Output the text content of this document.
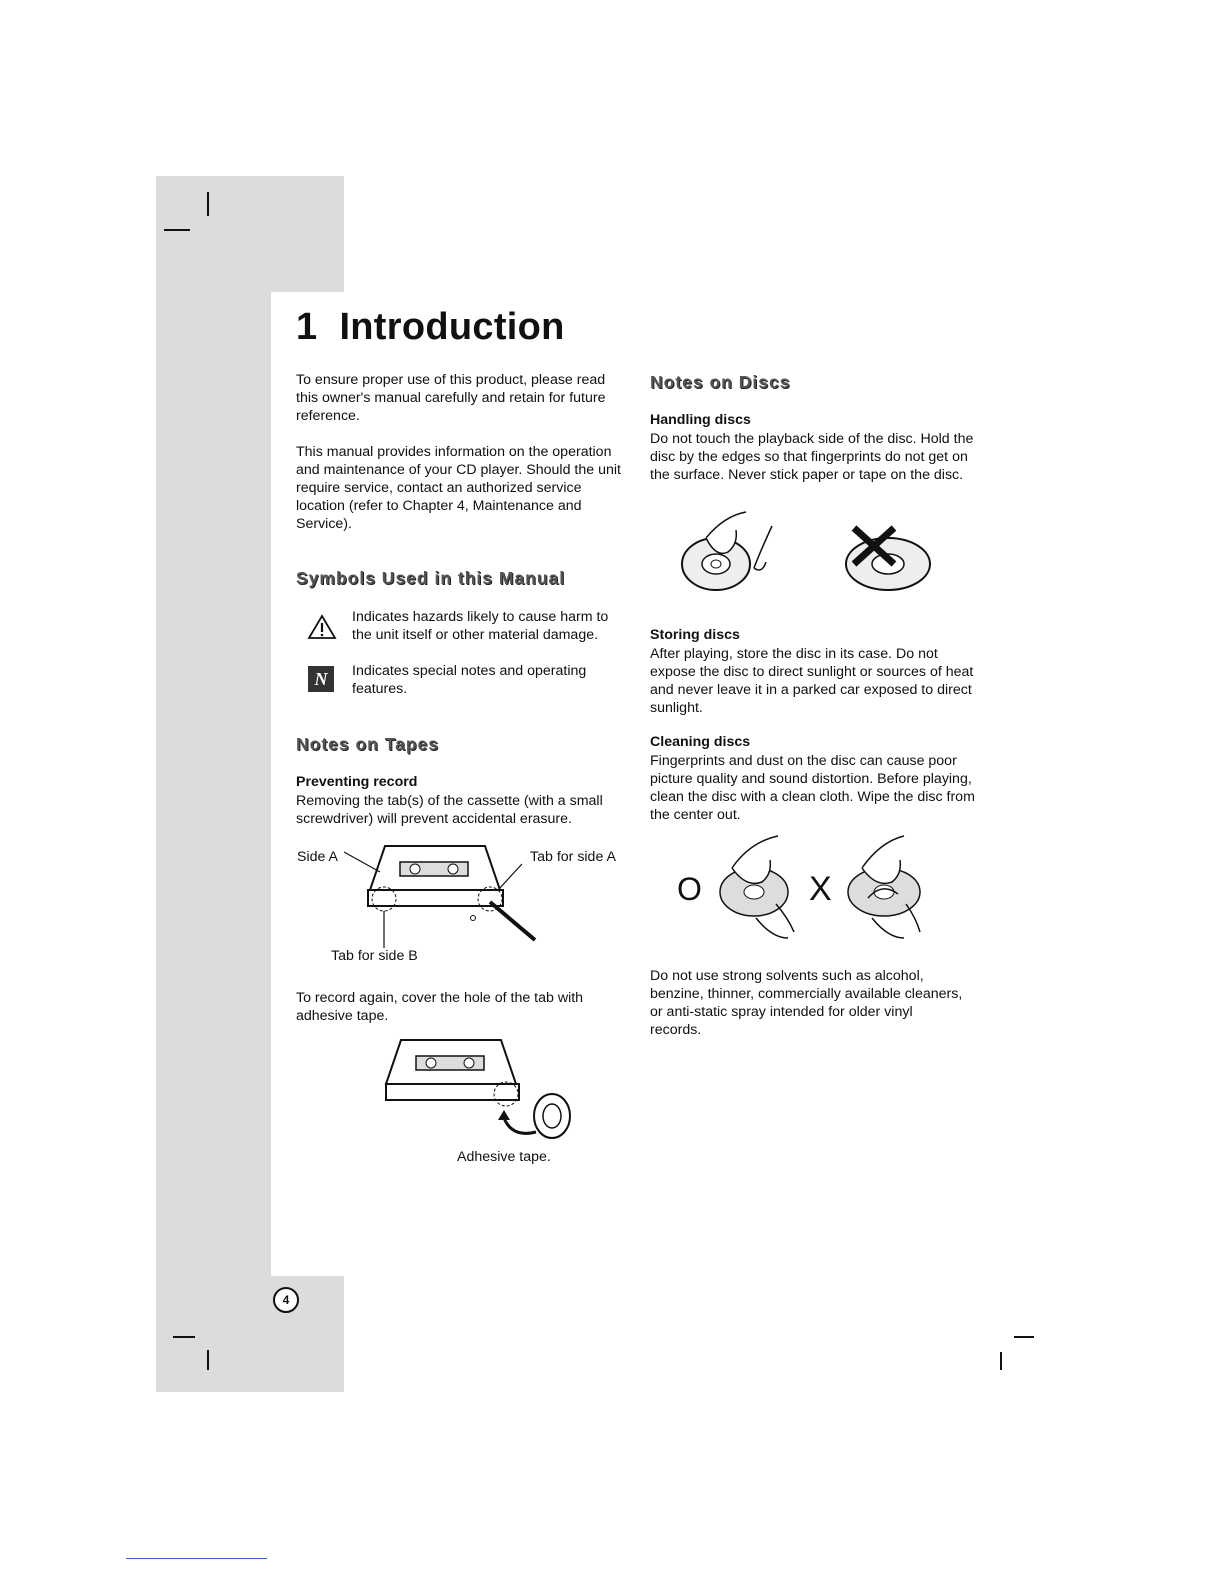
1 Introduction

To ensure proper use of this product, please read this owner's manual carefully and retain for future reference.

This manual provides information on the operation and maintenance of your CD player. Should the unit require service, contact an authorized service location (refer to Chapter 4, Maintenance and Service).

Symbols Used in this Manual

Indicates hazards likely to cause harm to the unit itself or other material damage.

N Indicates special notes and operating features.

Notes on Tapes
Preventing record

Removing the tab(s) of the cassette (with a small screwdriver) will prevent accidental erasure.

Side A	Tab for side A
Tab for side B

To record again, cover the hole of the tab with adhesive tape.

Adhesive tape.
Notes on Discs
Handling discs

Do not touch the playback side of the disc. Hold the disc by the edges so that fingerprints do not get on the surface. Never stick paper or tape on the disc.

Storing discs

After playing, store the disc in its case. Do not expose the disc to direct sunlight or sources of heat and never leave it in a parked car exposed to direct sunlight.

Cleaning discs

Fingerprints and dust on the disc can cause poor picture quality and sound distortion. Before playing, clean the disc with a clean cloth. Wipe the disc from the center out.

O	X

Do not use strong solvents such as alcohol, benzine, thinner, commercially available cleaners, or anti-static spray intended for older vinyl records.

4
